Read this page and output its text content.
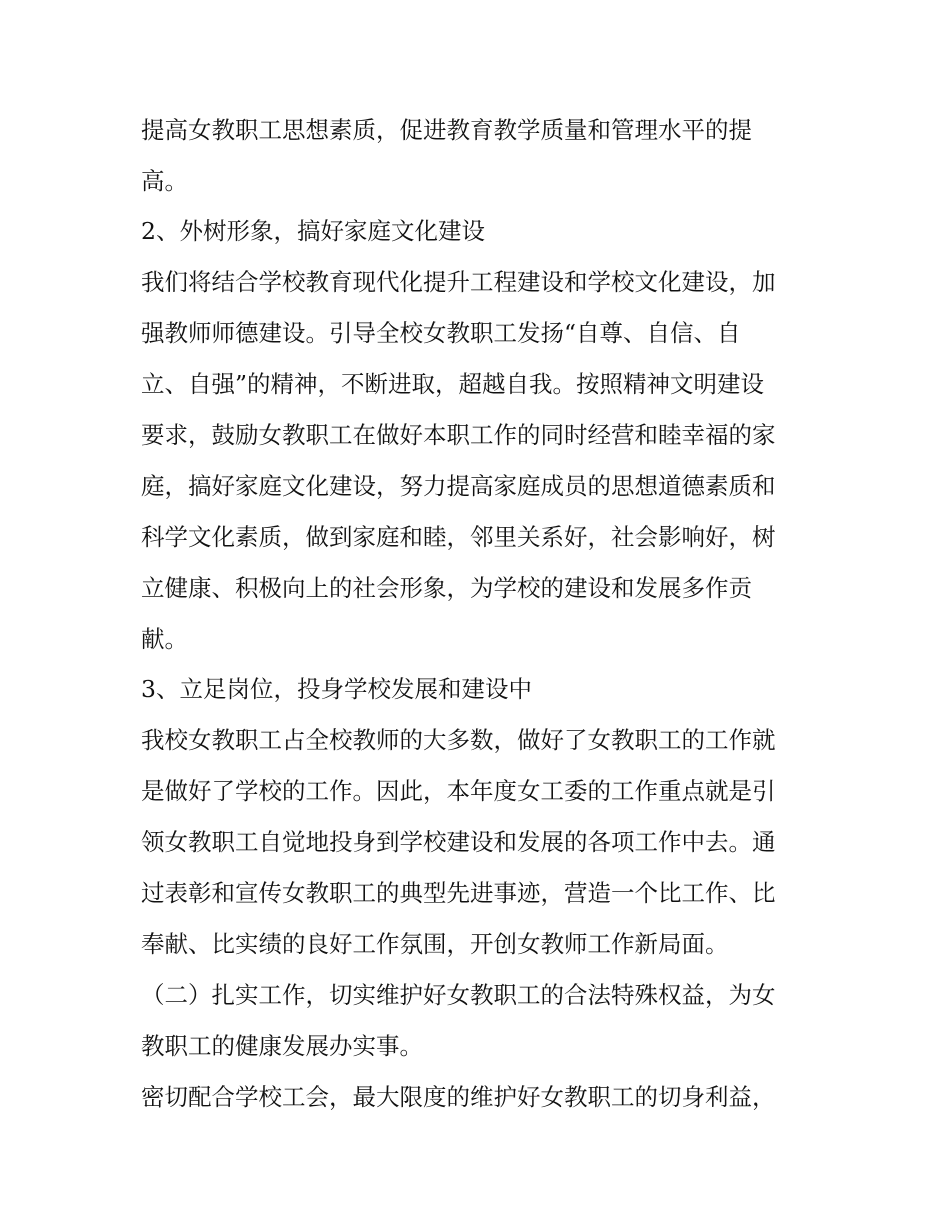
提高女教职工思想素质，促进教育教学质量和管理水平的提
高。
2、外树形象，搞好家庭文化建设
我们将结合学校教育现代化提升工程建设和学校文化建设，加
强教师师德建设。引导全校女教职工发扬“自尊、自信、自
立、自强”的精神，不断进取，超越自我。按照精神文明建设
要求，鼓励女教职工在做好本职工作的同时经营和睦幸福的家
庭，搞好家庭文化建设，努力提高家庭成员的思想道德素质和
科学文化素质，做到家庭和睦，邻里关系好，社会影响好，树
立健康、积极向上的社会形象，为学校的建设和发展多作贡
献。
3、立足岗位，投身学校发展和建设中
我校女教职工占全校教师的大多数，做好了女教职工的工作就
是做好了学校的工作。因此，本年度女工委的工作重点就是引
领女教职工自觉地投身到学校建设和发展的各项工作中去。通
过表彰和宣传女教职工的典型先进事迹，营造一个比工作、比
奉献、比实绩的良好工作氛围，开创女教师工作新局面。
（二）扎实工作，切实维护好女教职工的合法特殊权益，为女
教职工的健康发展办实事。
密切配合学校工会，最大限度的维护好女教职工的切身利益，
